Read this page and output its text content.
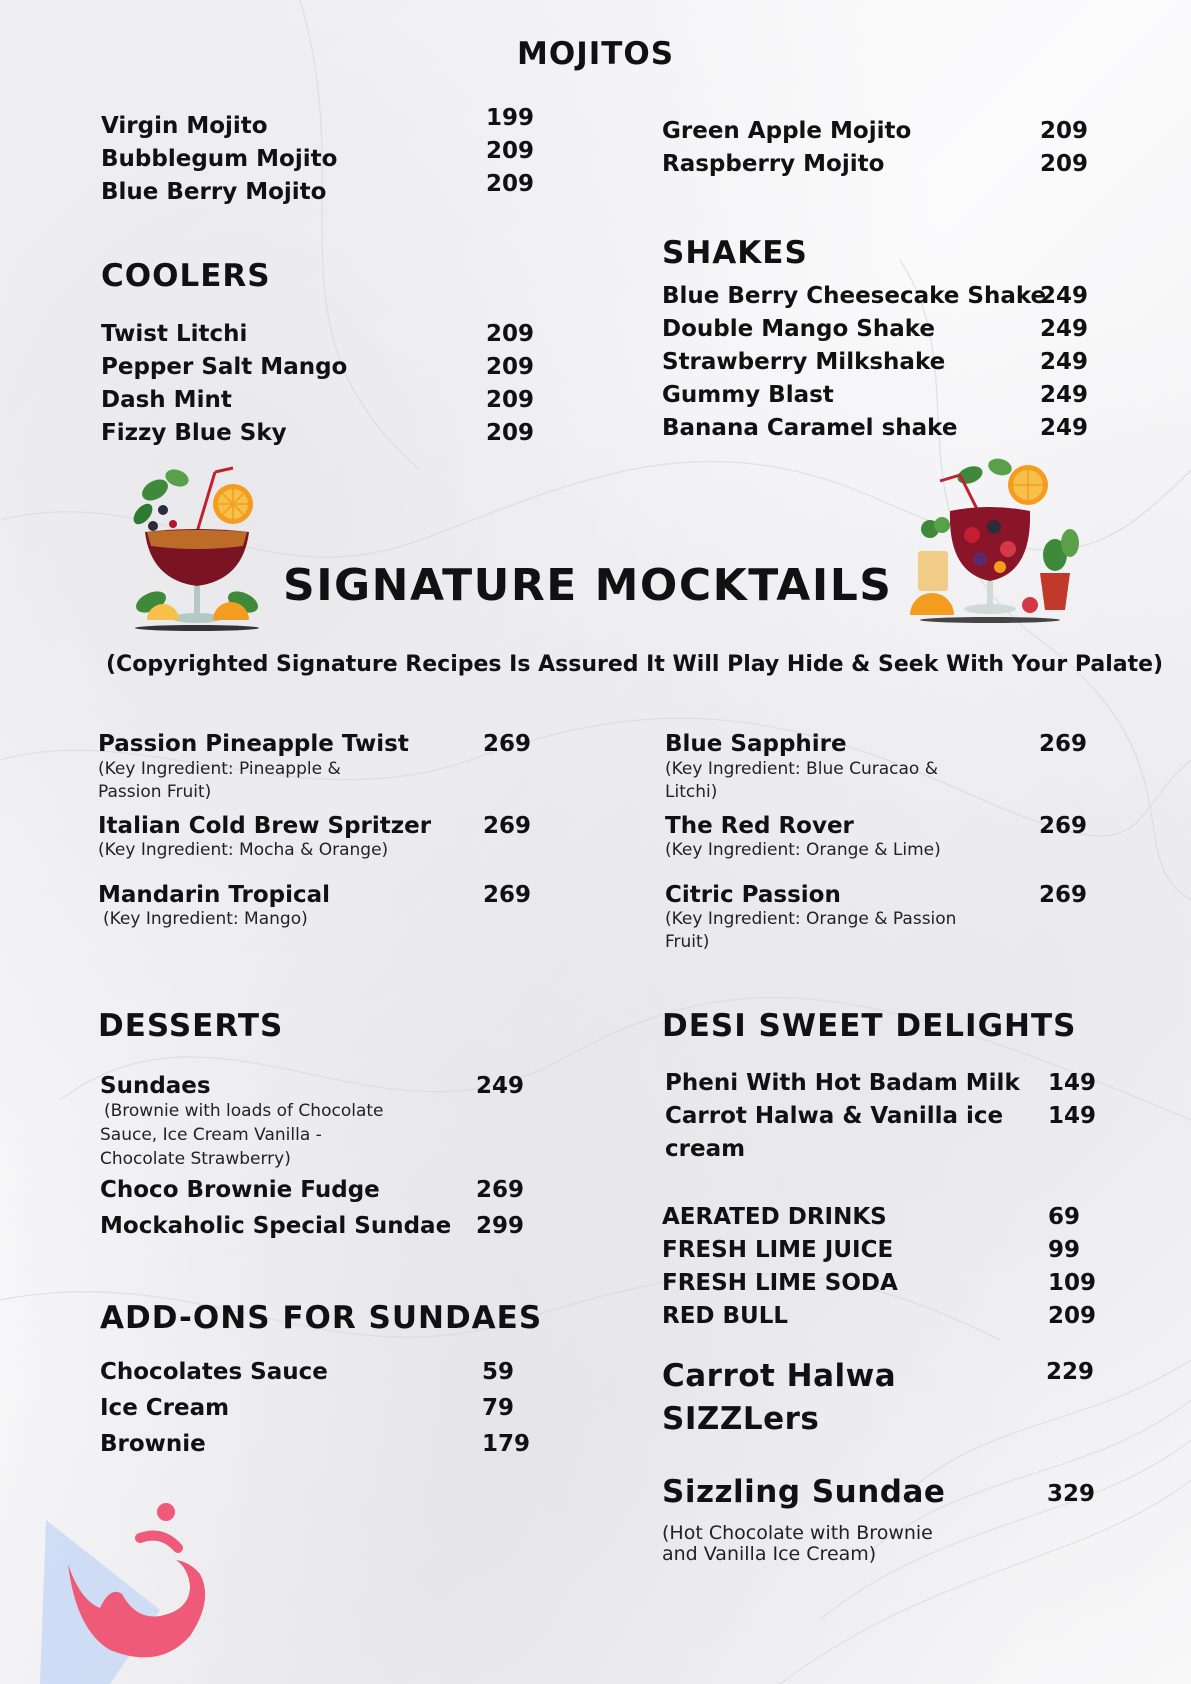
MOJITOS
Virgin Mojito	199
Bubblegum Mojito	209
Blue Berry Mojito	209
Green Apple Mojito	209
Raspberry Mojito	209
COOLERS
Twist Litchi	209
Pepper Salt Mango	209
Dash Mint	209
Fizzy Blue Sky	209
SHAKES
Blue Berry Cheesecake Shake
249
Double Mango Shake	249
Strawberry Milkshake	249
Gummy Blast	249
Banana Caramel shake	249
SIGNATURE MOCKTAILS
(Copyrighted Signature Recipes Is Assured It Will Play Hide & Seek With Your Palate)
Passion Pineapple Twist	269
(Key Ingredient: Pineapple &
Passion Fruit)
Italian Cold Brew Spritzer 269
(Key Ingredient: Mocha & Orange)
Mandarin Tropical	269
(Key Ingredient: Mango)
Blue Sapphire	269
(Key Ingredient: Blue Curacao &
Litchi)
The Red Rover	269
(Key Ingredient: Orange & Lime)
Citric Passion	269
(Key Ingredient: Orange & Passion
Fruit)
DESSERTS
Sundaes	249
(Brownie with loads of Chocolate
Sauce, Ice Cream Vanilla -
Chocolate Strawberry)
Choco Brownie Fudge	269
Mockaholic Special Sundae 299
DESI SWEET DELIGHTS
Pheni With Hot Badam Milk 149
Carrot Halwa & Vanilla ice 149
cream
ADD-ONS FOR SUNDAES
Chocolates Sauce	59
Ice Cream	79
Brownie	179
AERATED DRINKS	69
FRESH LIME JUICE	99
FRESH LIME SODA	109
RED BULL	209
Carrot Halwa
SIZZLers
229
Sizzling Sundae	329
(Hot Chocolate with Brownie
and Vanilla Ice Cream)
